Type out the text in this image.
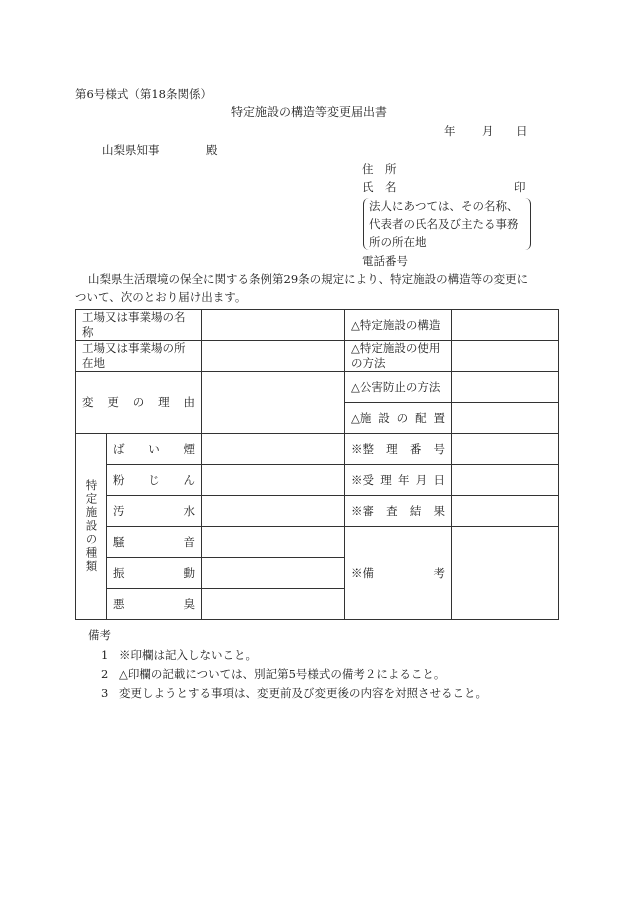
第6号様式（第18条関係）
特定施設の構造等変更届出書
年 月 日
山梨県知事	殿
住　所
氏　名	印
法人にあつては、その名称、
代表者の氏名及び主たる事務
所の所在地
電話番号
山梨県生活環境の保全に関する条例第29条の規定により、特定施設の構造等の変更に
ついて、次のとおり届け出ます。
工場又は事業場の名称			△特定施設の構造	
工場又は事業場の所在地			△特定施設の使用の方法	

変 更 の 理 由			△公害防止の方法	

			△施 設 の 配 置	

特定施設の種類	ば い 煙		※整 理 番 号	

	粉 じ ん		※受 理 年 月 日	

	汚 水		※審 査 結 果	

	騒 音		※備 考	

	振 動			

	悪 臭			

備考
1 ※印欄は記入しないこと。
2 △印欄の記載については、別記第5号様式の備考２によること。
3 変更しようとする事項は、変更前及び変更後の内容を対照させること。
